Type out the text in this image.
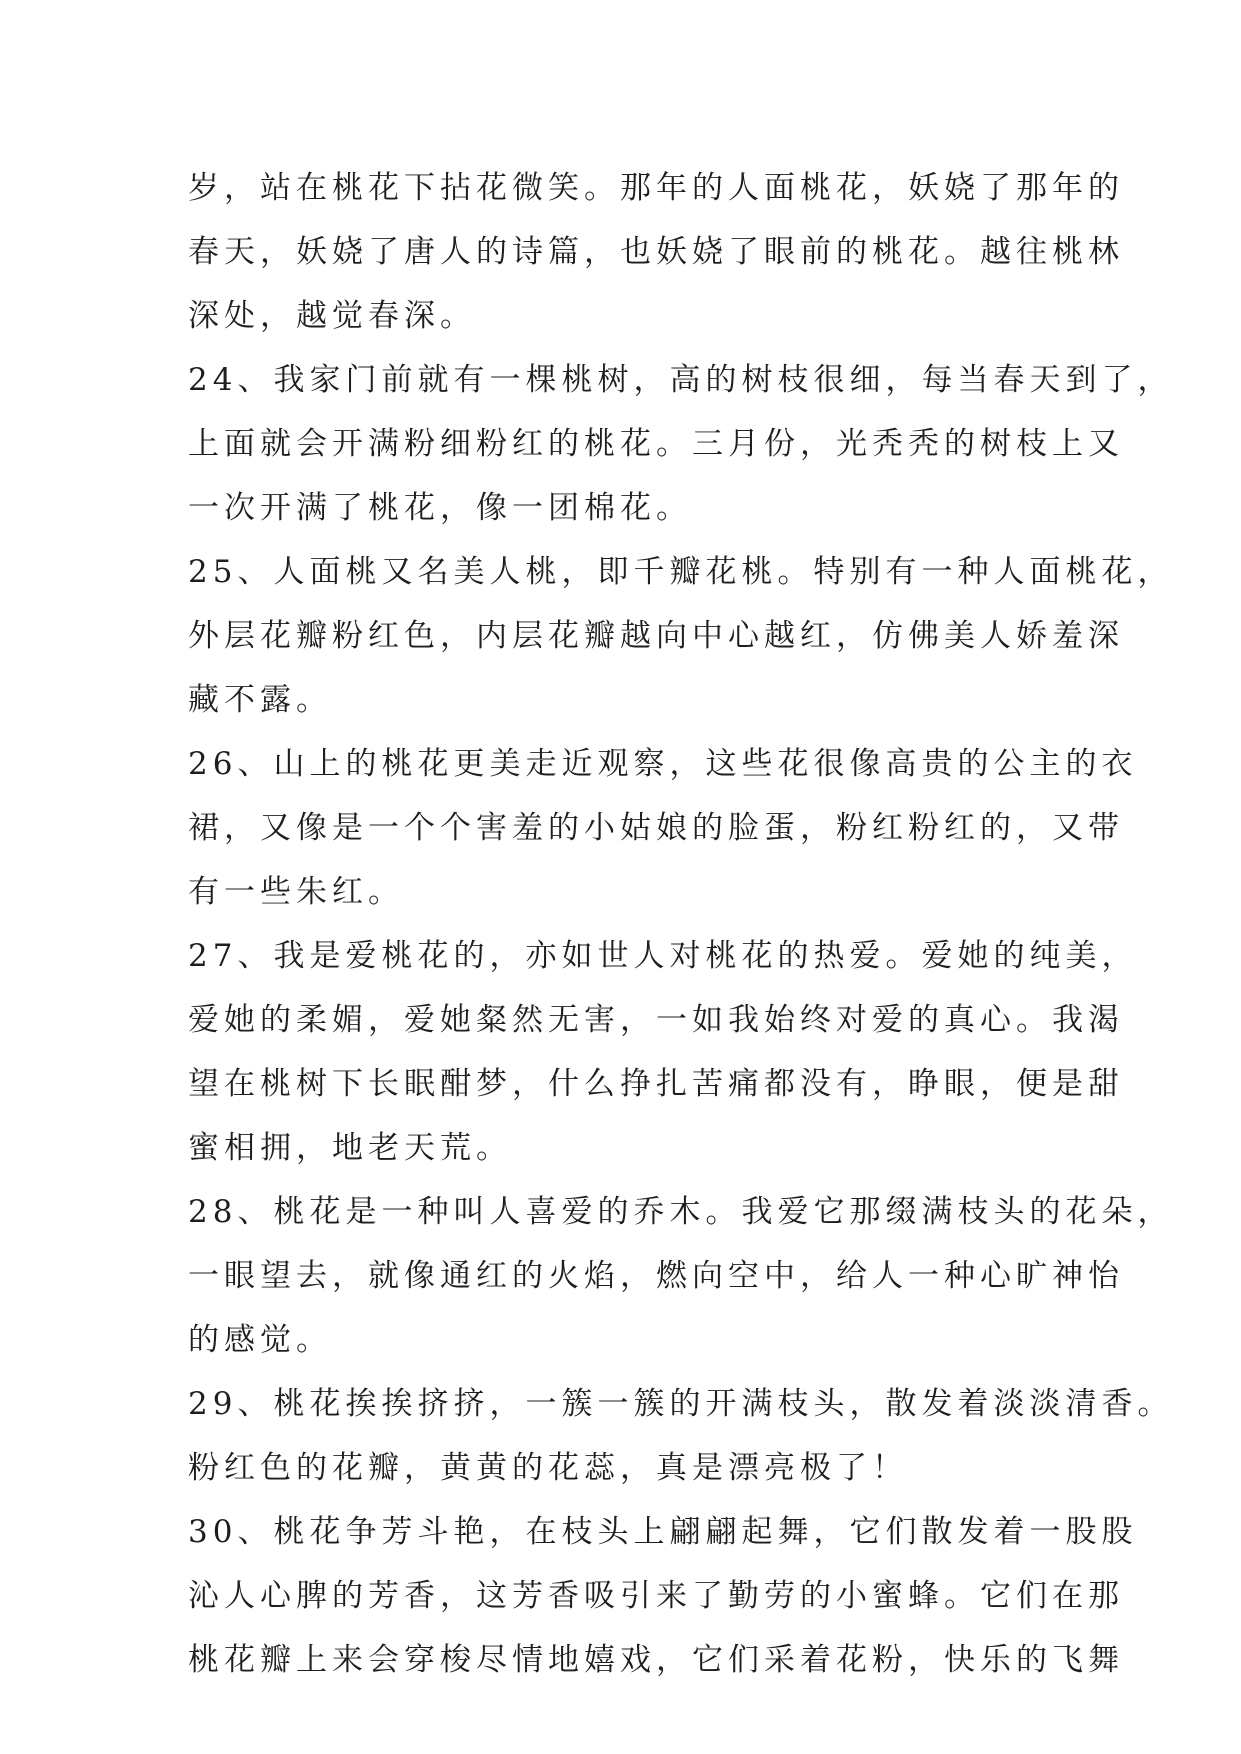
岁，站在桃花下拈花微笑。那年的人面桃花，妖娆了那年的
春天，妖娆了唐人的诗篇，也妖娆了眼前的桃花。越往桃林
深处，越觉春深。
24、我家门前就有一棵桃树，高的树枝很细，每当春天到了，
上面就会开满粉细粉红的桃花。三月份，光秃秃的树枝上又
一次开满了桃花，像一团棉花。
25、人面桃又名美人桃，即千瓣花桃。特别有一种人面桃花，
外层花瓣粉红色，内层花瓣越向中心越红，仿佛美人娇羞深
藏不露。
26、山上的桃花更美走近观察，这些花很像高贵的公主的衣
裙，又像是一个个害羞的小姑娘的脸蛋，粉红粉红的，又带
有一些朱红。
27、我是爱桃花的，亦如世人对桃花的热爱。爱她的纯美，
爱她的柔媚，爱她粲然无害，一如我始终对爱的真心。我渴
望在桃树下长眠酣梦，什么挣扎苦痛都没有，睁眼，便是甜
蜜相拥，地老天荒。
28、桃花是一种叫人喜爱的乔木。我爱它那缀满枝头的花朵，
一眼望去，就像通红的火焰，燃向空中，给人一种心旷神怡
的感觉。
29、桃花挨挨挤挤，一簇一簇的开满枝头，散发着淡淡清香。
粉红色的花瓣，黄黄的花蕊，真是漂亮极了！
30、桃花争芳斗艳，在枝头上翩翩起舞，它们散发着一股股
沁人心脾的芳香，这芳香吸引来了勤劳的小蜜蜂。它们在那
桃花瓣上来会穿梭尽情地嬉戏，它们采着花粉，快乐的飞舞
